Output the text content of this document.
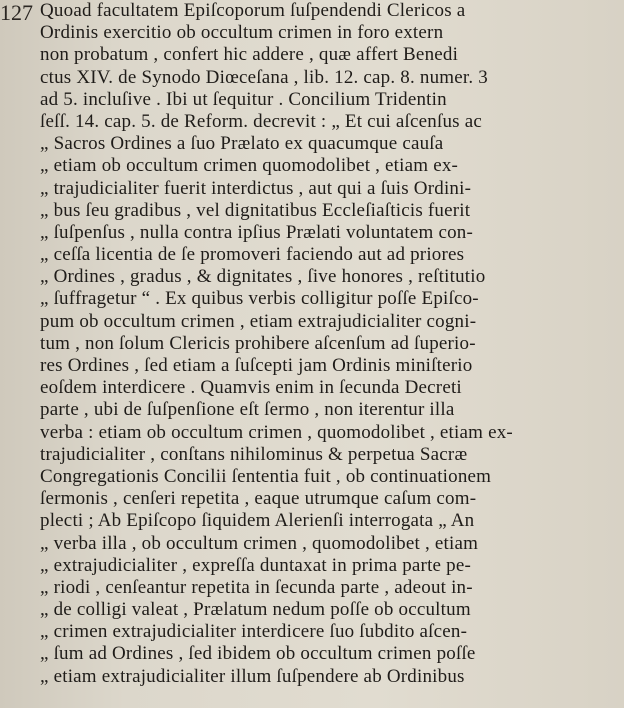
127 Quoad facultatem Epiſcoporum ſuſpendendi Clericos a
Ordinis exercitio ob occultum crimen in foro extern
non probatum , confert hic addere , quæ affert Benedi
ctus XIV. de Synodo Diœceſana , lib. 12. cap. 8. numer. 3
ad 5. incluſive . Ibi ut ſequitur . Concilium Tridentin
ſeſſ. 14. cap. 5. de Reform. decrevit : „ Et cui aſcenſus ac
„ Sacros Ordines a ſuo Prælato ex quacumque cauſa
„ etiam ob occultum crimen quomodolibet , etiam ex-
„ trajudicialiter fuerit interdictus , aut qui a ſuis Ordini-
„ bus ſeu gradibus , vel dignitatibus Eccleſiaſticis fuerit
„ ſuſpenſus , nulla contra ipſius Prælati voluntatem con-
„ ceſſa licentia de ſe promoveri faciendo aut ad priores
„ Ordines , gradus , & dignitates , ſive honores , reſtitutio
„ ſuffragetur “ . Ex quibus verbis colligitur poſſe Epiſco-
pum ob occultum crimen , etiam extrajudicialiter cogni-
tum , non ſolum Clericis prohibere aſcenſum ad ſuperio-
res Ordines , ſed etiam a ſuſcepti jam Ordinis miniſterio
eoſdem interdicere . Quamvis enim in ſecunda Decreti
parte , ubi de ſuſpenſione eſt ſermo , non iterentur illa
verba : etiam ob occultum crimen , quomodolibet , etiam ex-
trajudicialiter , conſtans nihilominus & perpetua Sacræ
Congregationis Concilii ſententia fuit , ob continuationem
ſermonis , cenſeri repetita , eaque utrumque caſum com-
plecti ; Ab Epiſcopo ſiquidem Alerienſi interrogata „ An
„ verba illa , ob occultum crimen , quomodolibet , etiam
„ extrajudicialiter , expreſſa duntaxat in prima parte pe-
„ riodi , cenſeantur repetita in ſecunda parte , adeout in-
„ de colligi valeat , Prælatum nedum poſſe ob occultum
„ crimen extrajudicialiter interdicere ſuo ſubdito aſcen-
„ ſum ad Ordines , ſed ibidem ob occultum crimen poſſe
„ etiam extrajudicialiter illum ſuſpendere ab Ordinibus
